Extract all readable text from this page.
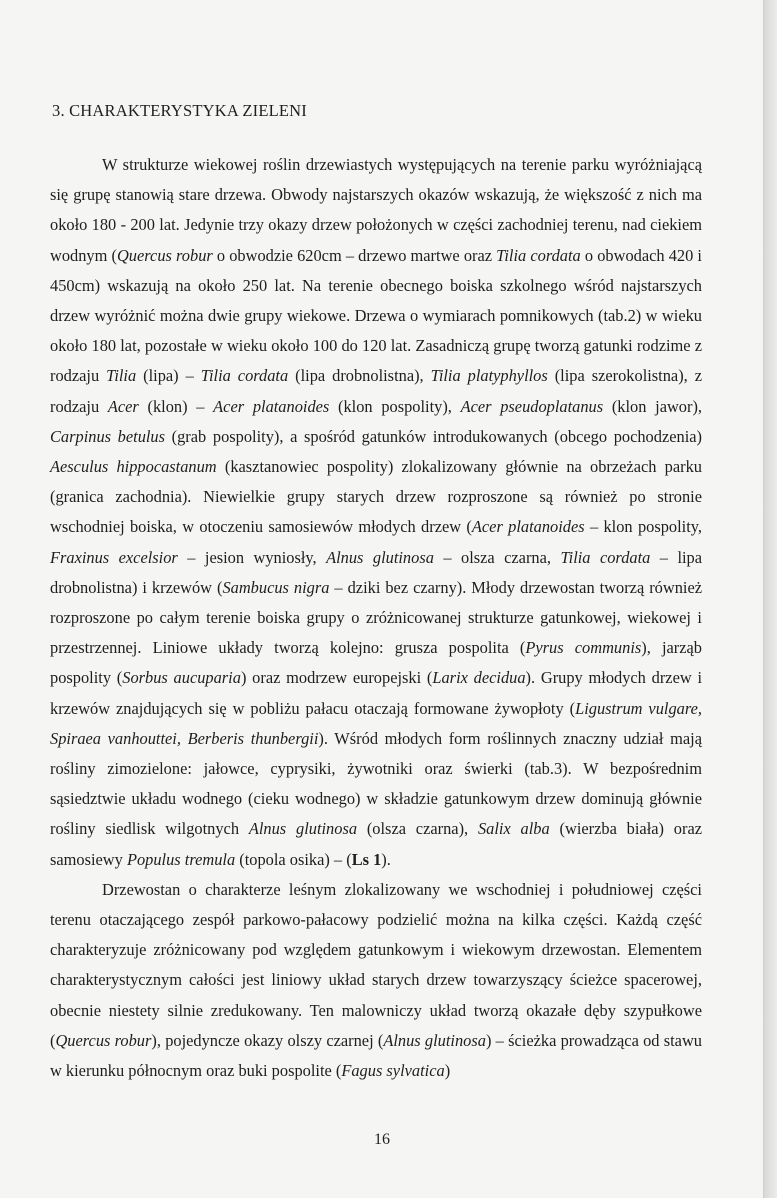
3. CHARAKTERYSTYKA ZIELENI

W strukturze wiekowej roślin drzewiastych występujących na terenie parku wyróżniającą się grupę stanowią stare drzewa. Obwody najstarszych okazów wskazują, że większość z nich ma około 180 - 200 lat. Jedynie trzy okazy drzew położonych w części zachodniej terenu, nad ciekiem wodnym (Quercus robur o obwodzie 620cm – drzewo martwe oraz Tilia cordata o obwodach 420 i 450cm) wskazują na około 250 lat. Na terenie obecnego boiska szkolnego wśród najstarszych drzew wyróżnić można dwie grupy wiekowe. Drzewa o wymiarach pomnikowych (tab.2) w wieku około 180 lat, pozostałe w wieku około 100 do 120 lat. Zasadniczą grupę tworzą gatunki rodzime z rodzaju Tilia (lipa) – Tilia cordata (lipa drobnolistna), Tilia platyphyllos (lipa szerokolistna), z rodzaju Acer (klon) – Acer platanoides (klon pospolity), Acer pseudoplatanus (klon jawor), Carpinus betulus (grab pospolity), a spośród gatunków introdukowanych (obcego pochodzenia) Aesculus hippocastanum (kasztanowiec pospolity) zlokalizowany głównie na obrzeżach parku (granica zachodnia). Niewielkie grupy starych drzew rozproszone są również po stronie wschodniej boiska, w otoczeniu samosiewów młodych drzew (Acer platanoides – klon pospolity, Fraxinus excelsior – jesion wyniosły, Alnus glutinosa – olsza czarna, Tilia cordata – lipa drobnolistna) i krzewów (Sambucus nigra – dziki bez czarny). Młody drzewostan tworzą również rozproszone po całym terenie boiska grupy o zróżnicowanej strukturze gatunkowej, wiekowej i przestrzennej. Liniowe układy tworzą kolejno: grusza pospolita (Pyrus communis), jarząb pospolity (Sorbus aucuparia) oraz modrzew europejski (Larix decidua). Grupy młodych drzew i krzewów znajdujących się w pobliżu pałacu otaczają formowane żywopłoty (Ligustrum vulgare, Spiraea vanhouttei, Berberis thunbergii). Wśród młodych form roślinnych znaczny udział mają rośliny zimozielone: jałowce, cyprysiki, żywotniki oraz świerki (tab.3). W bezpośrednim sąsiedztwie układu wodnego (cieku wodnego) w składzie gatunkowym drzew dominują głównie rośliny siedlisk wilgotnych Alnus glutinosa (olsza czarna), Salix alba (wierzba biała) oraz samosiewy Populus tremula (topola osika) – (Ls 1).

Drzewostan o charakterze leśnym zlokalizowany we wschodniej i południowej części terenu otaczającego zespół parkowo-pałacowy podzielić można na kilka części. Każdą część charakteryzuje zróżnicowany pod względem gatunkowym i wiekowym drzewostan. Elementem charakterystycznym całości jest liniowy układ starych drzew towarzyszący ścieżce spacerowej, obecnie niestety silnie zredukowany. Ten malowniczy układ tworzą okazałe dęby szypułkowe (Quercus robur), pojedyncze okazy olszy czarnej (Alnus glutinosa) – ścieżka prowadząca od stawu w kierunku północnym oraz buki pospolite (Fagus sylvatica)

16
